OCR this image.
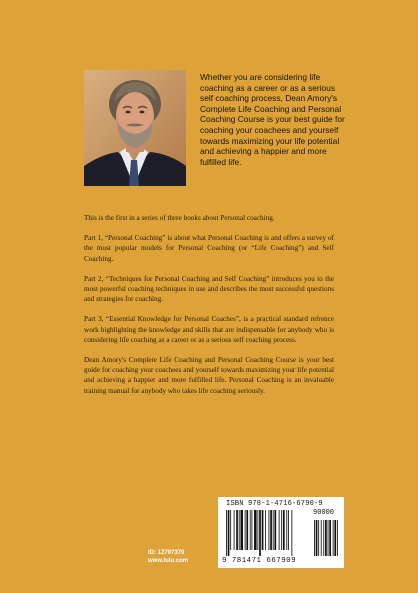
Whether you are considering life coaching as a career or as a serious self coaching process, Dean Amory's Complete Life Coaching and Personal Coaching Course is your best guide for coaching your coachees and yourself towards maximizing your life potential and achieving a happier and more fulfilled life.

This is the first in a series of three books about Personal coaching.

Part 1, “Personal Coaching” is about what Personal Coaching is and offers a survey of the most popular models for Personal Coaching (or “Life Coaching”) and Self Coaching.

Part 2, “Techniques for Personal Coaching and Self Coaching” introduces you to the most powerful coaching techniques in use and describes the most successful questions and strategies for coaching.

Part 3, “Essential Knowledge for Personal Coaches”, is a practical standard refrence work highlighting the knowledge and skills that are indispensable for anybody who is considering life coaching as a career or as a serious self coaching process.

Dean Amory's Complete Life Coaching and Personal Coaching Course is your best guide for coaching your coachees and yourself towards maximizing your life potential and achieving a happier and more fulfilled life. Personal Coaching is an invaluable training manual for anybody who takes life coaching seriously.

ID: 12797379
www.lulu.com
ISBN 978-1-4716-6790-9
90000
9 781471 667909
